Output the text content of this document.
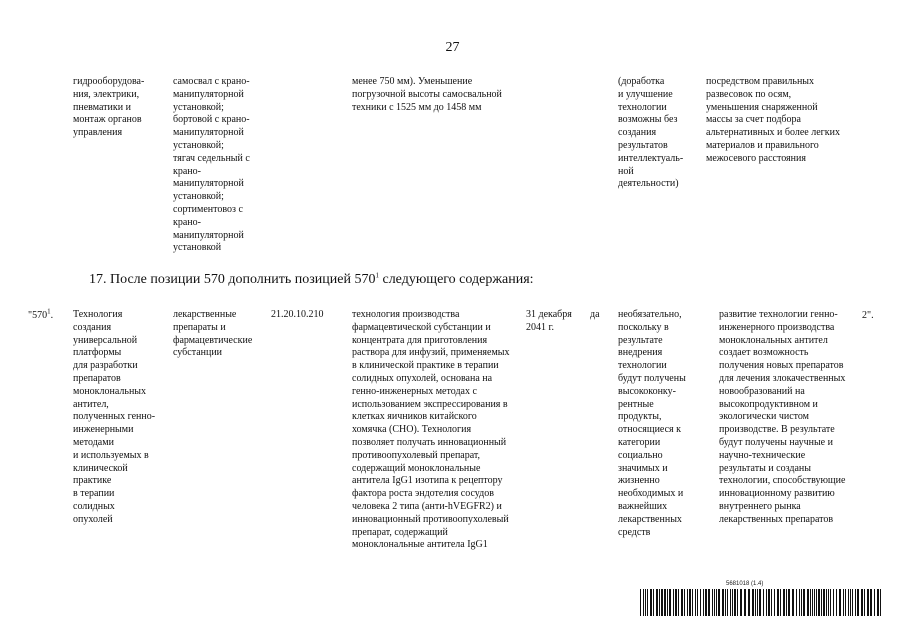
27
гидрооборудова-
ния, электрики,
пневматики и
монтаж органов
управления
самосвал с крано-
манипуляторной
установкой;
бортовой с крано-
манипуляторной
установкой;
тягач седельный с
крано-
манипуляторной
установкой;
сортиментовоз с
крано-
манипуляторной
установкой
менее 750 мм). Уменьшение
погрузочной высоты самосвальной
техники с 1525 мм до 1458 мм
(доработка
и улучшение
технологии
возможны без
создания
результатов
интеллектуаль-
ной
деятельности)
посредством правильных
развесовок по осям,
уменьшения снаряженной
массы за счет подбора
альтернативных и более легких
материалов и правильного
межосевого расстояния
17. После позиции 570 дополнить позицией $570^1$ следующего содержания:
"$570^1$. Технология
создания
универсальной
платформы
для разработки
препаратов
моноклональных
антител,
полученных генно-
инженерными
методами
и используемых в
клинической
практике
в терапии
солидных
опухолей
лекарственные
препараты и
фармацевтические
субстанции
21.20.10.210	технология производства
фармацевтической субстанции и
концентрата для приготовления
раствора для инфузий, применяемых
в клинической практике в терапии
солидных опухолей, основана на
генно-инженерных методах с
использованием экспрессирования в
клетках яичников китайского
хомячка (CHO). Технология
позволяет получать инновационный
противоопухолевый препарат,
содержащий моноклональные
антитела IgG1 изотипа к рецептору
фактора роста эндотелия сосудов
человека 2 типа (анти-hVEGFR2) и
инновационный противоопухолевый
препарат, содержащий
моноклональные антитела IgG1
31 декабря
2041 г.
да необязательно,
поскольку в
результате
внедрения
технологии
будут получены
высококонку-
рентные
продукты,
относящиеся к
категории
социально
значимых и
жизненно
необходимых и
важнейших
лекарственных
средств
развитие технологии генно-
инженерного производства
моноклональных антител
создает возможность
получения новых препаратов
для лечения злокачественных
новообразований на
высокопродуктивном и
экологически чистом
производстве. В результате
будут получены научные и
научно-технические
результаты и созданы
технологии, способствующие
инновационному развитию
внутреннего рынка
лекарственных препаратов
2".
5681018 (1.4)
